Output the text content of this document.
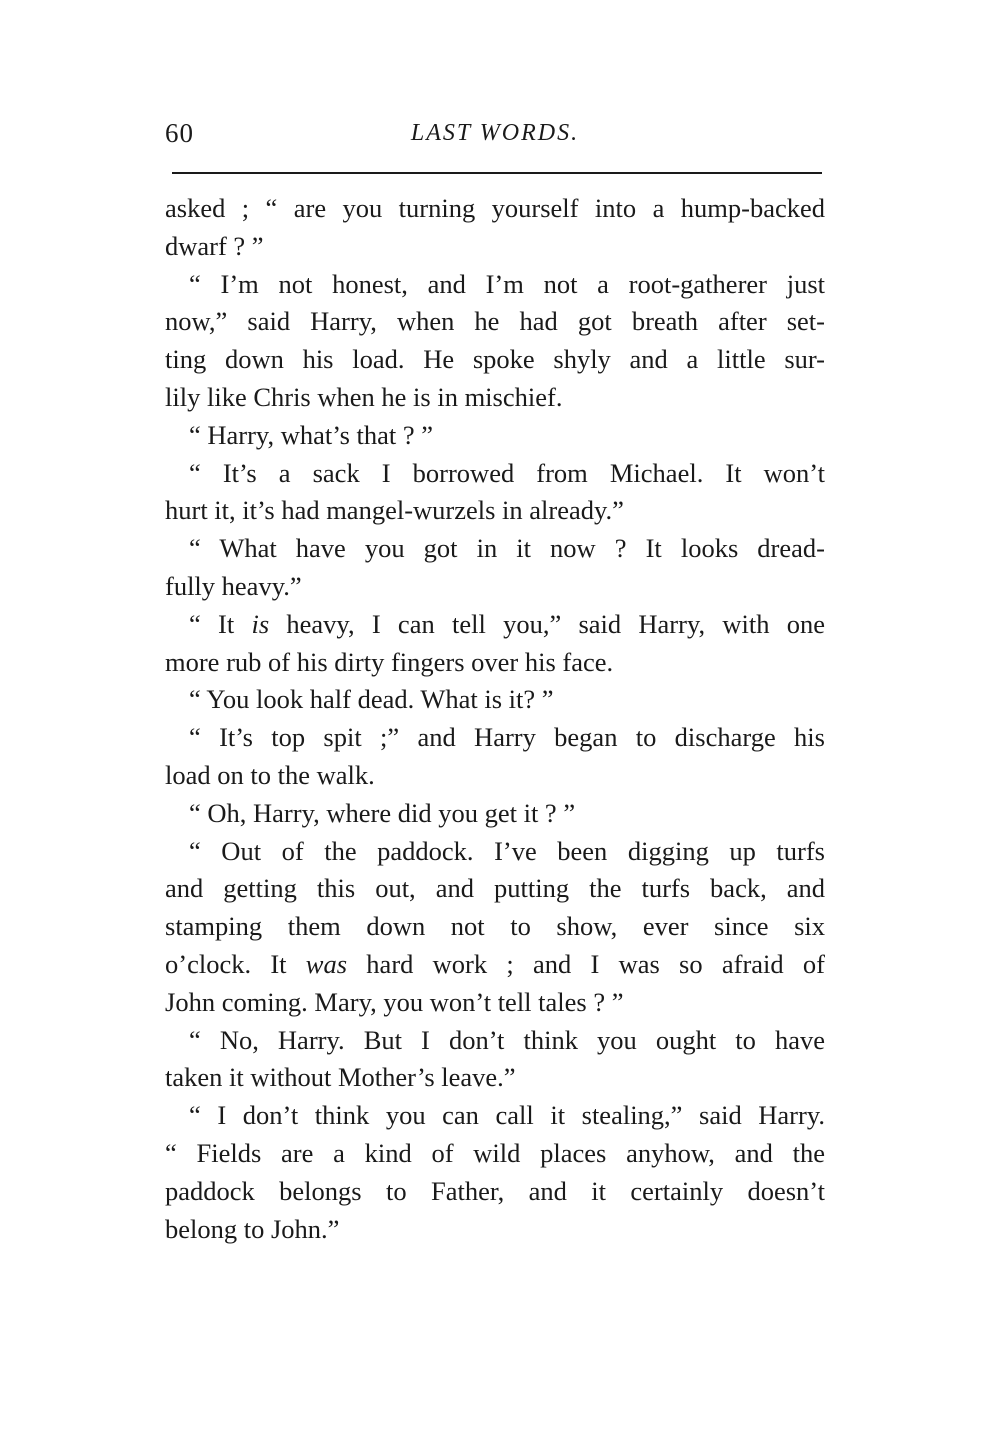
60	LAST WORDS.
asked ; “ are you turning yourself into a hump-backed
dwarf ? ”
“ I’m not honest, and I’m not a root-gatherer just
now,” said Harry, when he had got breath after set-
ting down his load. He spoke shyly and a little sur-
lily like Chris when he is in mischief.
“ Harry, what’s that ? ”
“ It’s a sack I borrowed from Michael. It won’t
hurt it, it’s had mangel-wurzels in already.”
“ What have you got in it now ? It looks dread-
fully heavy.”
“ It is heavy, I can tell you,” said Harry, with one
more rub of his dirty fingers over his face.
“ You look half dead. What is it? ”
“ It’s top spit ;” and Harry began to discharge his
load on to the walk.
“ Oh, Harry, where did you get it ? ”
“ Out of the paddock. I’ve been digging up turfs
and getting this out, and putting the turfs back, and
stamping them down not to show, ever since six
o’clock. It was hard work ; and I was so afraid of
John coming. Mary, you won’t tell tales ? ”
“ No, Harry. But I don’t think you ought to have
taken it without Mother’s leave.”
“ I don’t think you can call it stealing,” said Harry.
“ Fields are a kind of wild places anyhow, and the
paddock belongs to Father, and it certainly doesn’t
belong to John.”
